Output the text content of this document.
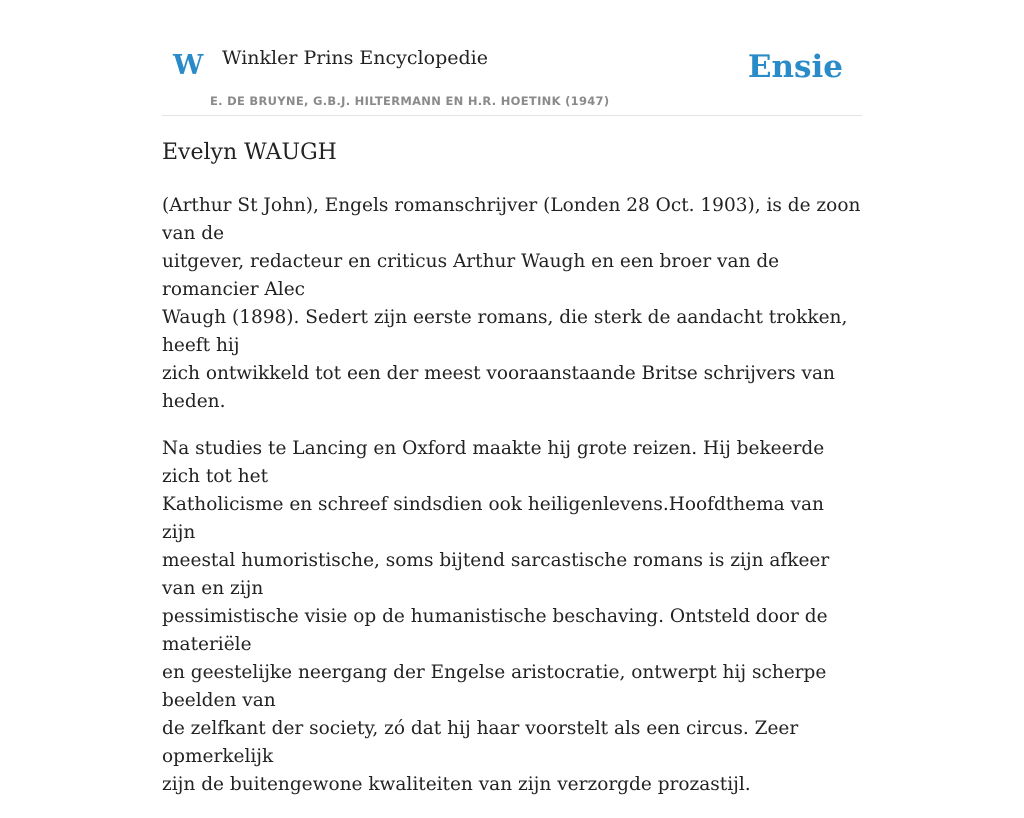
W Winkler Prins Encyclopedie
E. DE BRUYNE, G.B.J. HILTERMANN EN H.R. HOETINK (1947)
Ensie
Evelyn WAUGH

(Arthur St John), Engels romanschrijver (Londen 28 Oct. 1903), is de zoon van de
uitgever, redacteur en criticus Arthur Waugh en een broer van de romancier Alec
Waugh (1898). Sedert zijn eerste romans, die sterk de aandacht trokken, heeft hij
zich ontwikkeld tot een der meest vooraanstaande Britse schrijvers van heden.

Na studies te Lancing en Oxford maakte hij grote reizen. Hij bekeerde zich tot het
Katholicisme en schreef sindsdien ook heiligenlevens.Hoofdthema van zijn
meestal humoristische, soms bijtend sarcastische romans is zijn afkeer van en zijn
pessimistische visie op de humanistische beschaving. Ontsteld door de materiële
en geestelijke neergang der Engelse aristocratie, ontwerpt hij scherpe beelden van
de zelfkant der society, zó dat hij haar voorstelt als een circus. Zeer opmerkelijk
zijn de buitengewone kwaliteiten van zijn verzorgde prozastijl.
